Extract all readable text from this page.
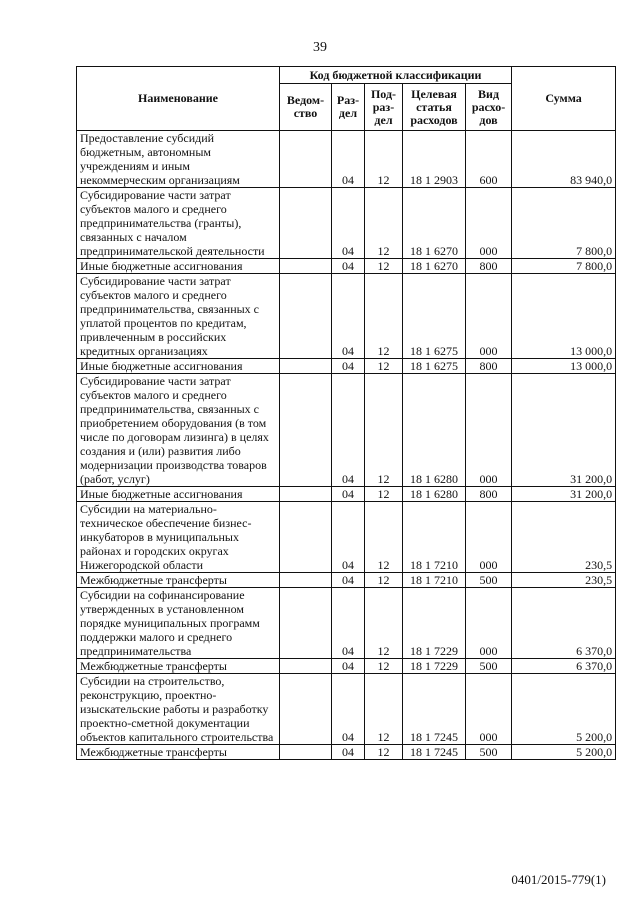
39
Наименование	Код бюджетной классификации					Сумма
	Ведом-ство	Раз-дел	Под-раз-дел	Целевая статья расходов	Вид расхо-дов	
Предоставление субсидий бюджетным, автономным учреждениям и иным некоммерческим организациям		04	12	18 1 2903	600	83 940,0
Субсидирование части затрат субъектов малого и среднего предпринимательства (гранты), связанных с началом предпринимательской деятельности		04	12	18 1 6270	000	7 800,0
Иные бюджетные ассигнования		04	12	18 1 6270	800	7 800,0
Субсидирование части затрат субъектов малого и среднего предпринимательства, связанных с уплатой процентов по кредитам, привлеченным в российских кредитных организациях		04	12	18 1 6275	000	13 000,0
Иные бюджетные ассигнования		04	12	18 1 6275	800	13 000,0
Субсидирование части затрат субъектов малого и среднего предпринимательства, связанных с приобретением оборудования (в том числе по договорам лизинга) в целях создания и (или) развития либо модернизации производства товаров (работ, услуг)		04	12	18 1 6280	000	31 200,0
Иные бюджетные ассигнования		04	12	18 1 6280	800	31 200,0
Субсидии на материально-техническое обеспечение бизнес-инкубаторов в муниципальных районах и городских округах Нижегородской области		04	12	18 1 7210	000	230,5
Межбюджетные трансферты		04	12	18 1 7210	500	230,5
Субсидии на софинансирование утвержденных в установленном порядке муниципальных программ поддержки малого и среднего предпринимательства		04	12	18 1 7229	000	6 370,0
Межбюджетные трансферты		04	12	18 1 7229	500	6 370,0
Субсидии на строительство, реконструкцию, проектно-изыскательские работы и разработку проектно-сметной документации объектов капитального строительства		04	12	18 1 7245	000	5 200,0
Межбюджетные трансферты		04	12	18 1 7245	500	5 200,0
0401/2015-779(1)
